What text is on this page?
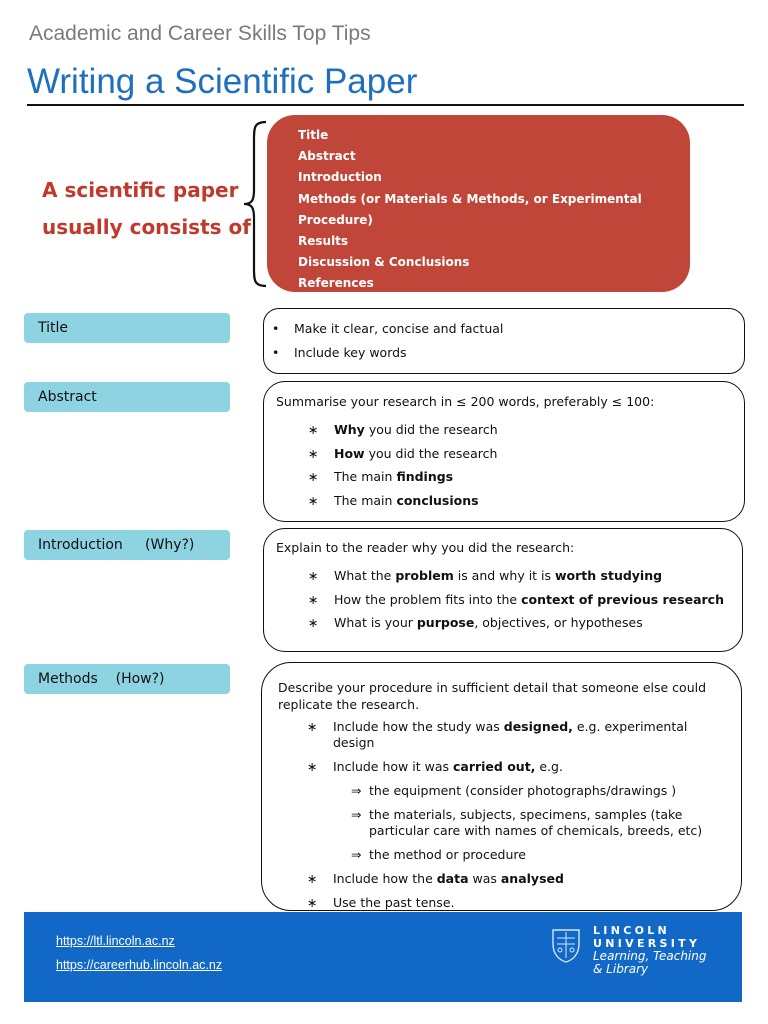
Academic and Career Skills Top Tips
Writing a Scientific Paper
A scientific paper
usually consists of
Title
Abstract
Introduction
Methods (or Materials & Methods, or Experimental Procedure)
Results
Discussion & Conclusions
References
Title
Abstract
Introduction     (Why?)
Methods    (How?)
• Make it clear, concise and factual
• Include key words

Summarise your research in ≤ 200 words, preferably ≤ 100:

∗ Why you did the research
∗ How you did the research
∗ The main findings
∗ The main conclusions

Explain to the reader why you did the research:

∗ What the problem is and why it is worth studying
∗ How the problem fits into the context of previous research
∗ What is your purpose, objectives, or hypotheses

Describe your procedure in sufficient detail that someone else could replicate the research.

∗ Include how the study was designed, e.g. experimental design
∗ Include how it was carried out, e.g.
⇒ the equipment (consider photographs/drawings )
⇒ the materials, subjects, specimens, samples (take particular care with names of chemicals, breeds, etc)
⇒ the method or procedure
∗ Include how the data was analysed
∗ Use the past tense.
https://ltl.lincoln.ac.nz
https://careerhub.lincoln.ac.nz
LINCOLN
UNIVERSITY
Learning, Teaching
& Library
